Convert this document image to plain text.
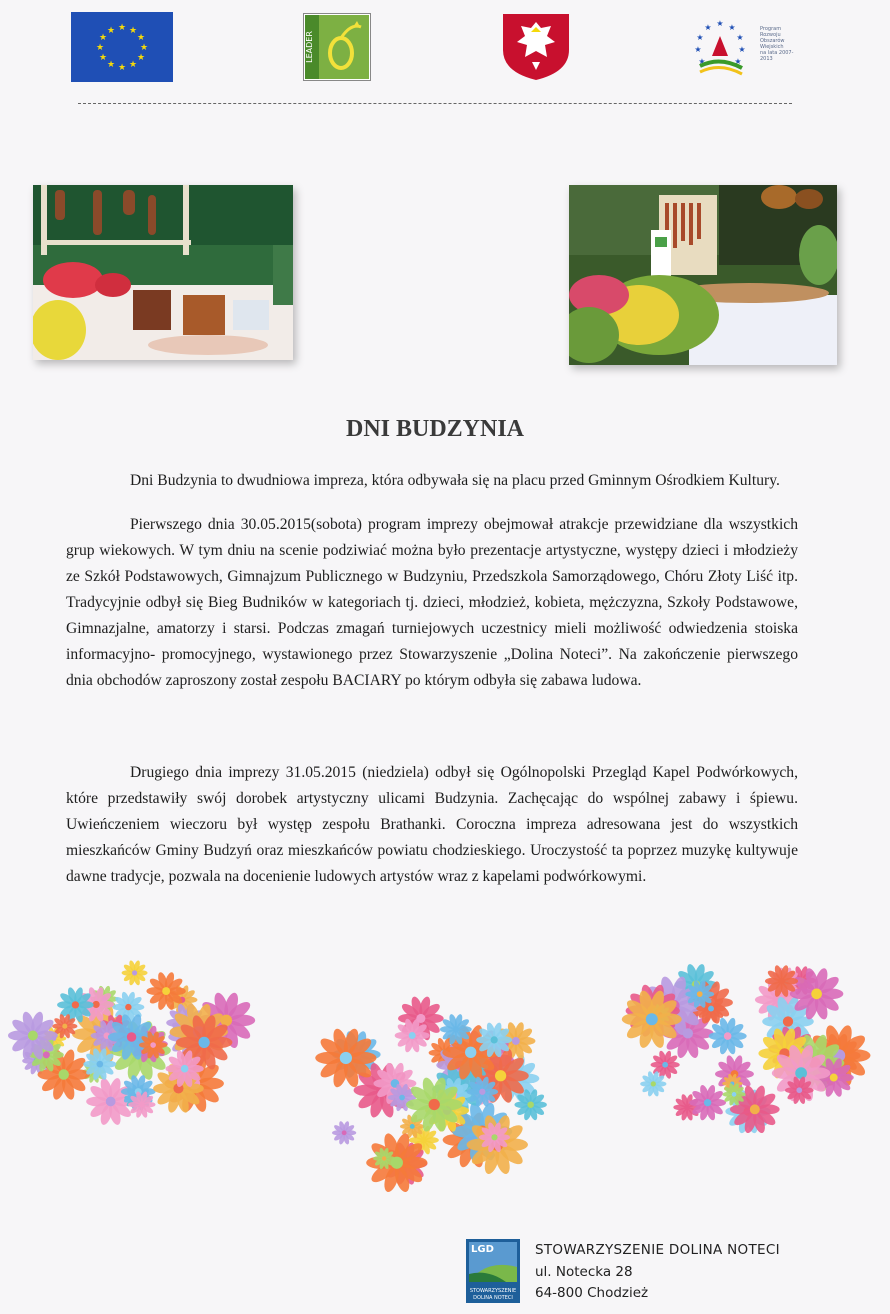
★ ★
★
★
★
★
★
★
★
★
★
★
LEADER
★ ★
★
★
★
★
★
★	★
Program
Rozwoju
Obszarów
Wiejskich
na lata 2007-2013
DNI BUDZYNIA

Dni Budzynia to dwudniowa impreza, która odbywała się na placu przed Gminnym Ośrodkiem Kultury.

Pierwszego dnia 30.05.2015(sobota) program imprezy obejmował atrakcje przewidziane dla wszystkich grup wiekowych. W tym dniu na scenie podziwiać można było prezentacje artystyczne, występy dzieci i młodzieży ze Szkół Podstawowych, Gimnajzum Publicznego w Budzyniu, Przedszkola Samorządowego, Chóru Złoty Liść itp. Tradycyjnie odbył się Bieg Budników w kategoriach tj. dzieci, młodzież, kobieta, mężczyzna, Szkoły Podstawowe, Gimnazjalne, amatorzy i starsi. Podczas zmagań turniejowych uczestnicy mieli możliwość odwiedzenia stoiska informacyjno- promocyjnego, wystawionego przez Stowarzyszenie „Dolina Noteci”. Na zakończenie pierwszego dnia obchodów zaproszony został zespołu BACIARY po którym odbyła się zabawa ludowa.

Drugiego dnia imprezy 31.05.2015 (niedziela) odbył się Ogólnopolski Przegląd Kapel Podwórkowych, które przedstawiły swój dorobek artystyczny ulicami Budzynia. Zachęcając do wspólnej zabawy i śpiewu. Uwieńczeniem wieczoru był występ zespołu Brathanki. Coroczna impreza adresowana jest do wszystkich mieszkańców Gminy Budzyń oraz mieszkańców powiatu chodzieskiego. Uroczystość ta poprzez muzykę kultywuje dawne tradycje, pozwala na docenienie ludowych artystów wraz z kapelami podwórkowymi.

LGD
STOWARZYSZENIE
DOLINA NOTECI
STOWARZYSZENIE DOLINA NOTECI
ul. Notecka 28
64-800 Chodzież
